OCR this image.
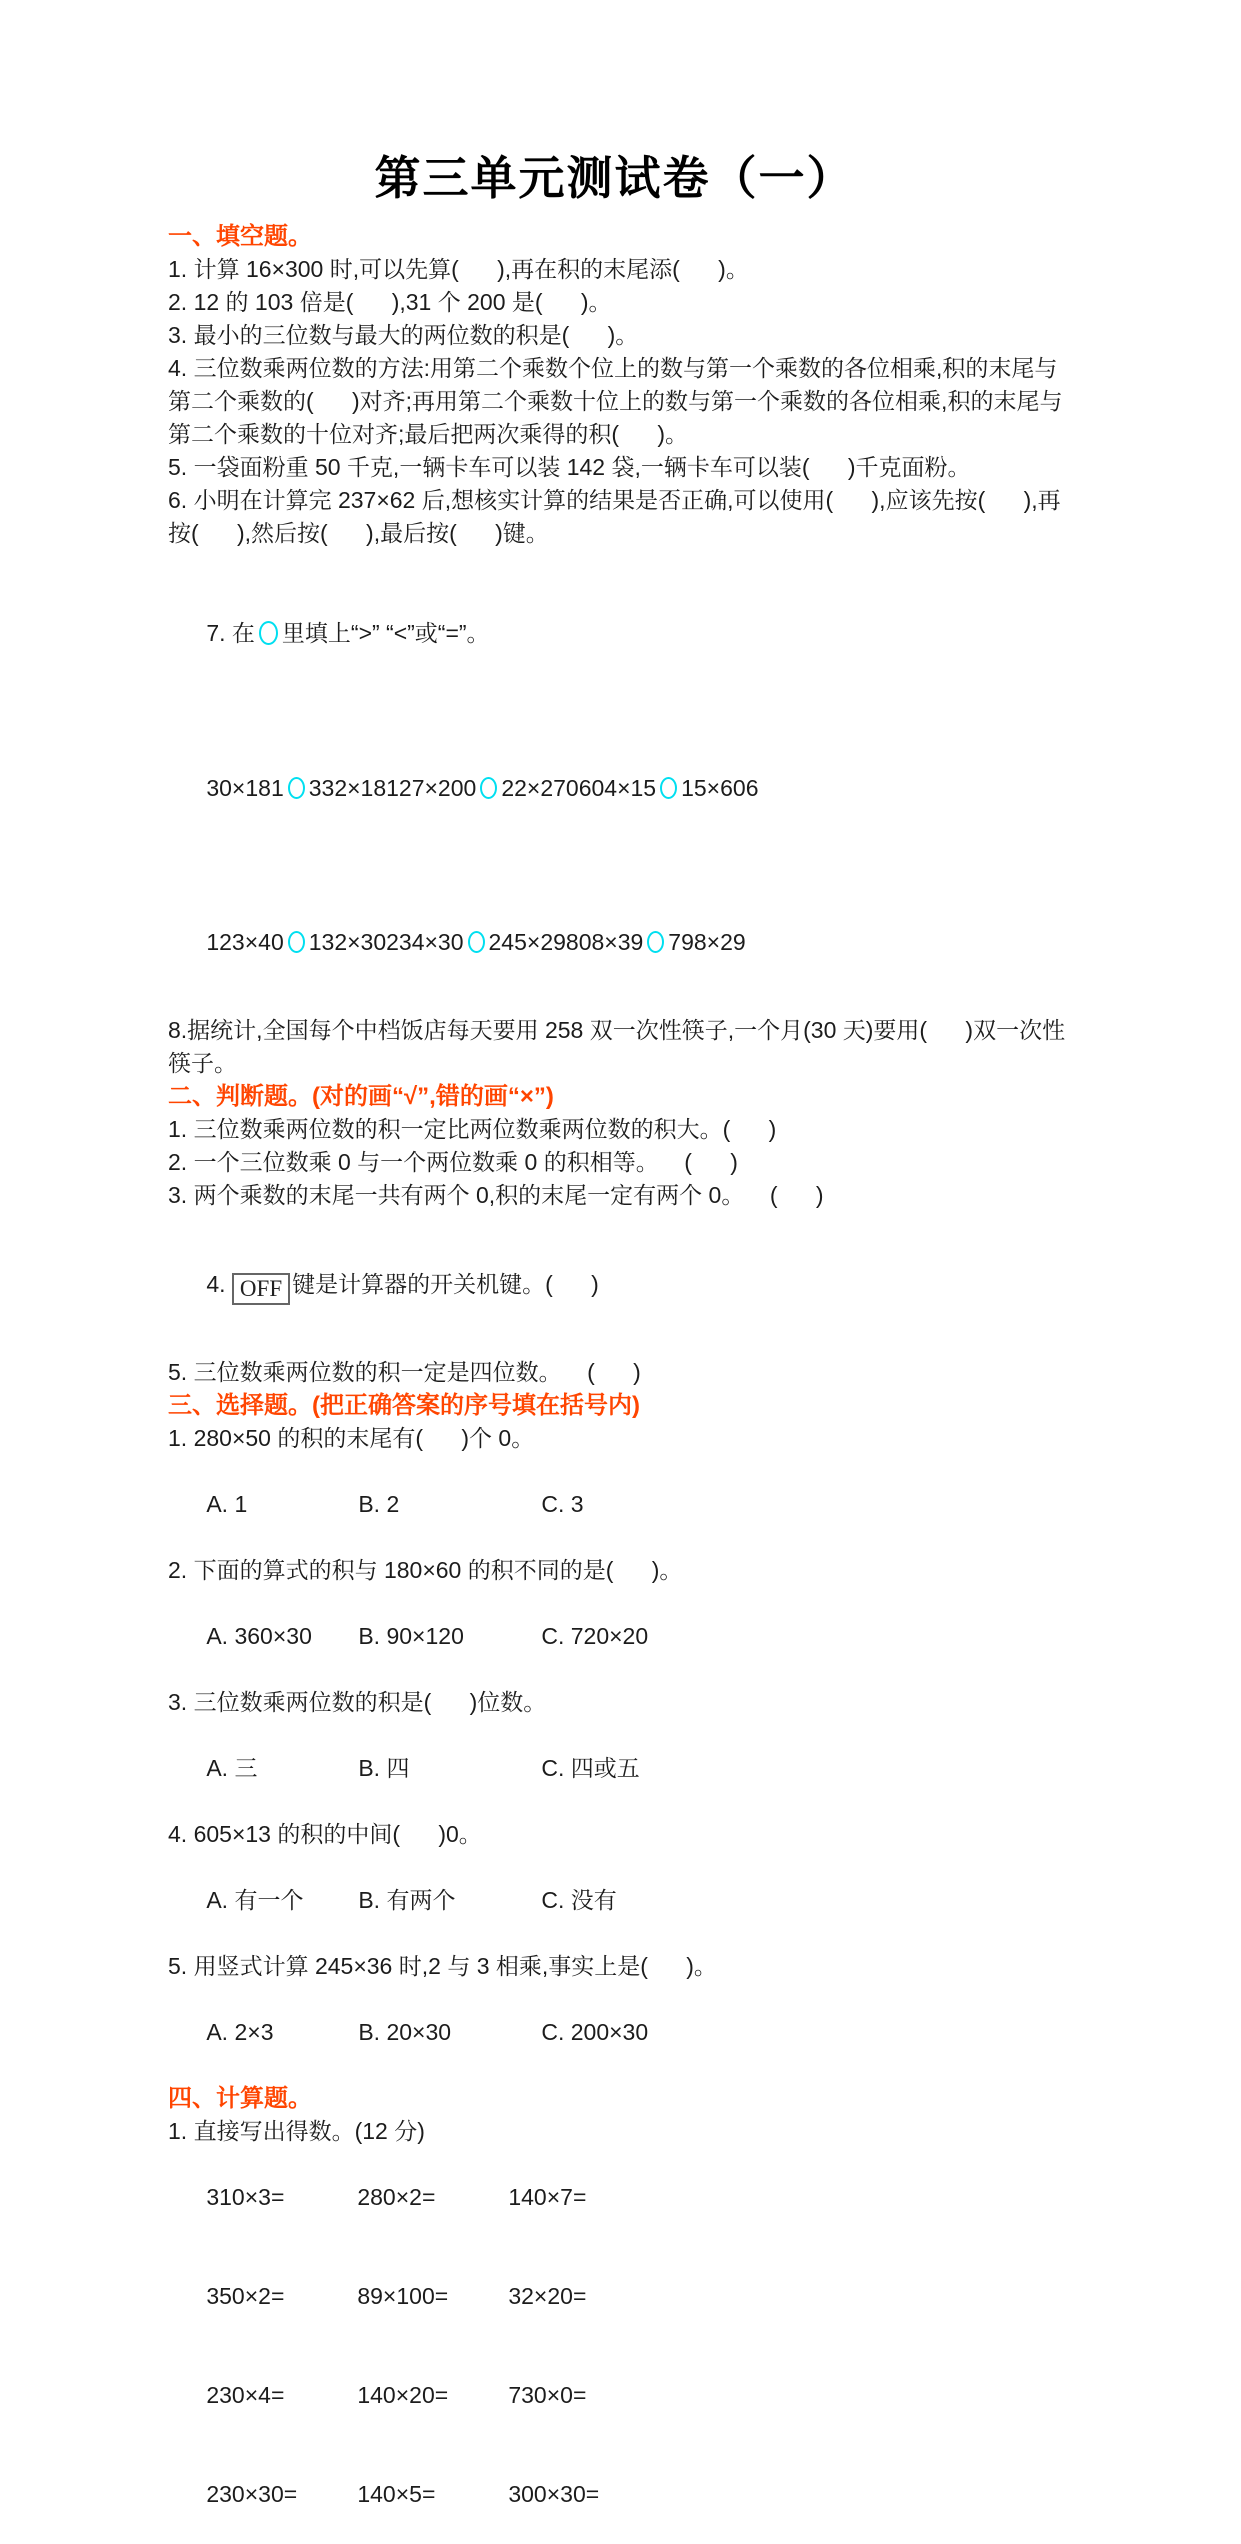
第三单元测试卷（一）
一、填空题。
1. 计算 16×300 时,可以先算(      ),再在积的末尾添(      )。
2. 12 的 103 倍是(      ),31 个 200 是(      )。
3. 最小的三位数与最大的两位数的积是(      )。
4. 三位数乘两位数的方法:用第二个乘数个位上的数与第一个乘数的各位相乘,积的末尾与
第二个乘数的(      )对齐;再用第二个乘数十位上的数与第一个乘数的各位相乘,积的末尾与
第二个乘数的十位对齐;最后把两次乘得的积(      )。
5. 一袋面粉重 50 千克,一辆卡车可以装 142 袋,一辆卡车可以装(      )千克面粉。
6. 小明在计算完 237×62 后,想核实计算的结果是否正确,可以使用(      ),应该先按(      ),再
按(      ),然后按(      ),最后按(      )键。

7. 在 里填上“>” “<”或“=”。

30×181 332×181 27×200 22×270 604×15 15×606

123×40 132×30 234×30 245×29 808×39 798×29

8.据统计,全国每个中档饭店每天要用 258 双一次性筷子,一个月(30 天)要用(      )双一次性
筷子。
二、判断题。(对的画“√”,错的画“×”)
1. 三位数乘两位数的积一定比两位数乘两位数的积大。(      )
2. 一个三位数乘 0 与一个两位数乘 0 的积相等。    (      )
3. 两个乘数的末尾一共有两个 0,积的末尾一定有两个 0。    (      )

4. OFF 键是计算器的开关机键。(      )

5. 三位数乘两位数的积一定是四位数。    (      )
三、选择题。(把正确答案的序号填在括号内)
1. 280×50 的积的末尾有(      )个 0。

A. 1	B. 2	C. 3

2. 下面的算式的积与 180×60 的积不同的是(      )。

A. 360×30 B. 90×120	C. 720×20

3. 三位数乘两位数的积是(      )位数。

A. 三	B. 四	C. 四或五

4. 605×13 的积的中间(      )0。

A. 有一个 B. 有两个	C. 没有

5. 用竖式计算 245×36 时,2 与 3 相乘,事实上是(      )。

A. 2×3	B. 20×30	C. 200×30

四、计算题。
1. 直接写出得数。(12 分)

310×3=	280×2=	140×7=

350×2=	89×100=	32×20=

230×4=	140×20=	730×0=

230×30=	140×5=	300×30=
